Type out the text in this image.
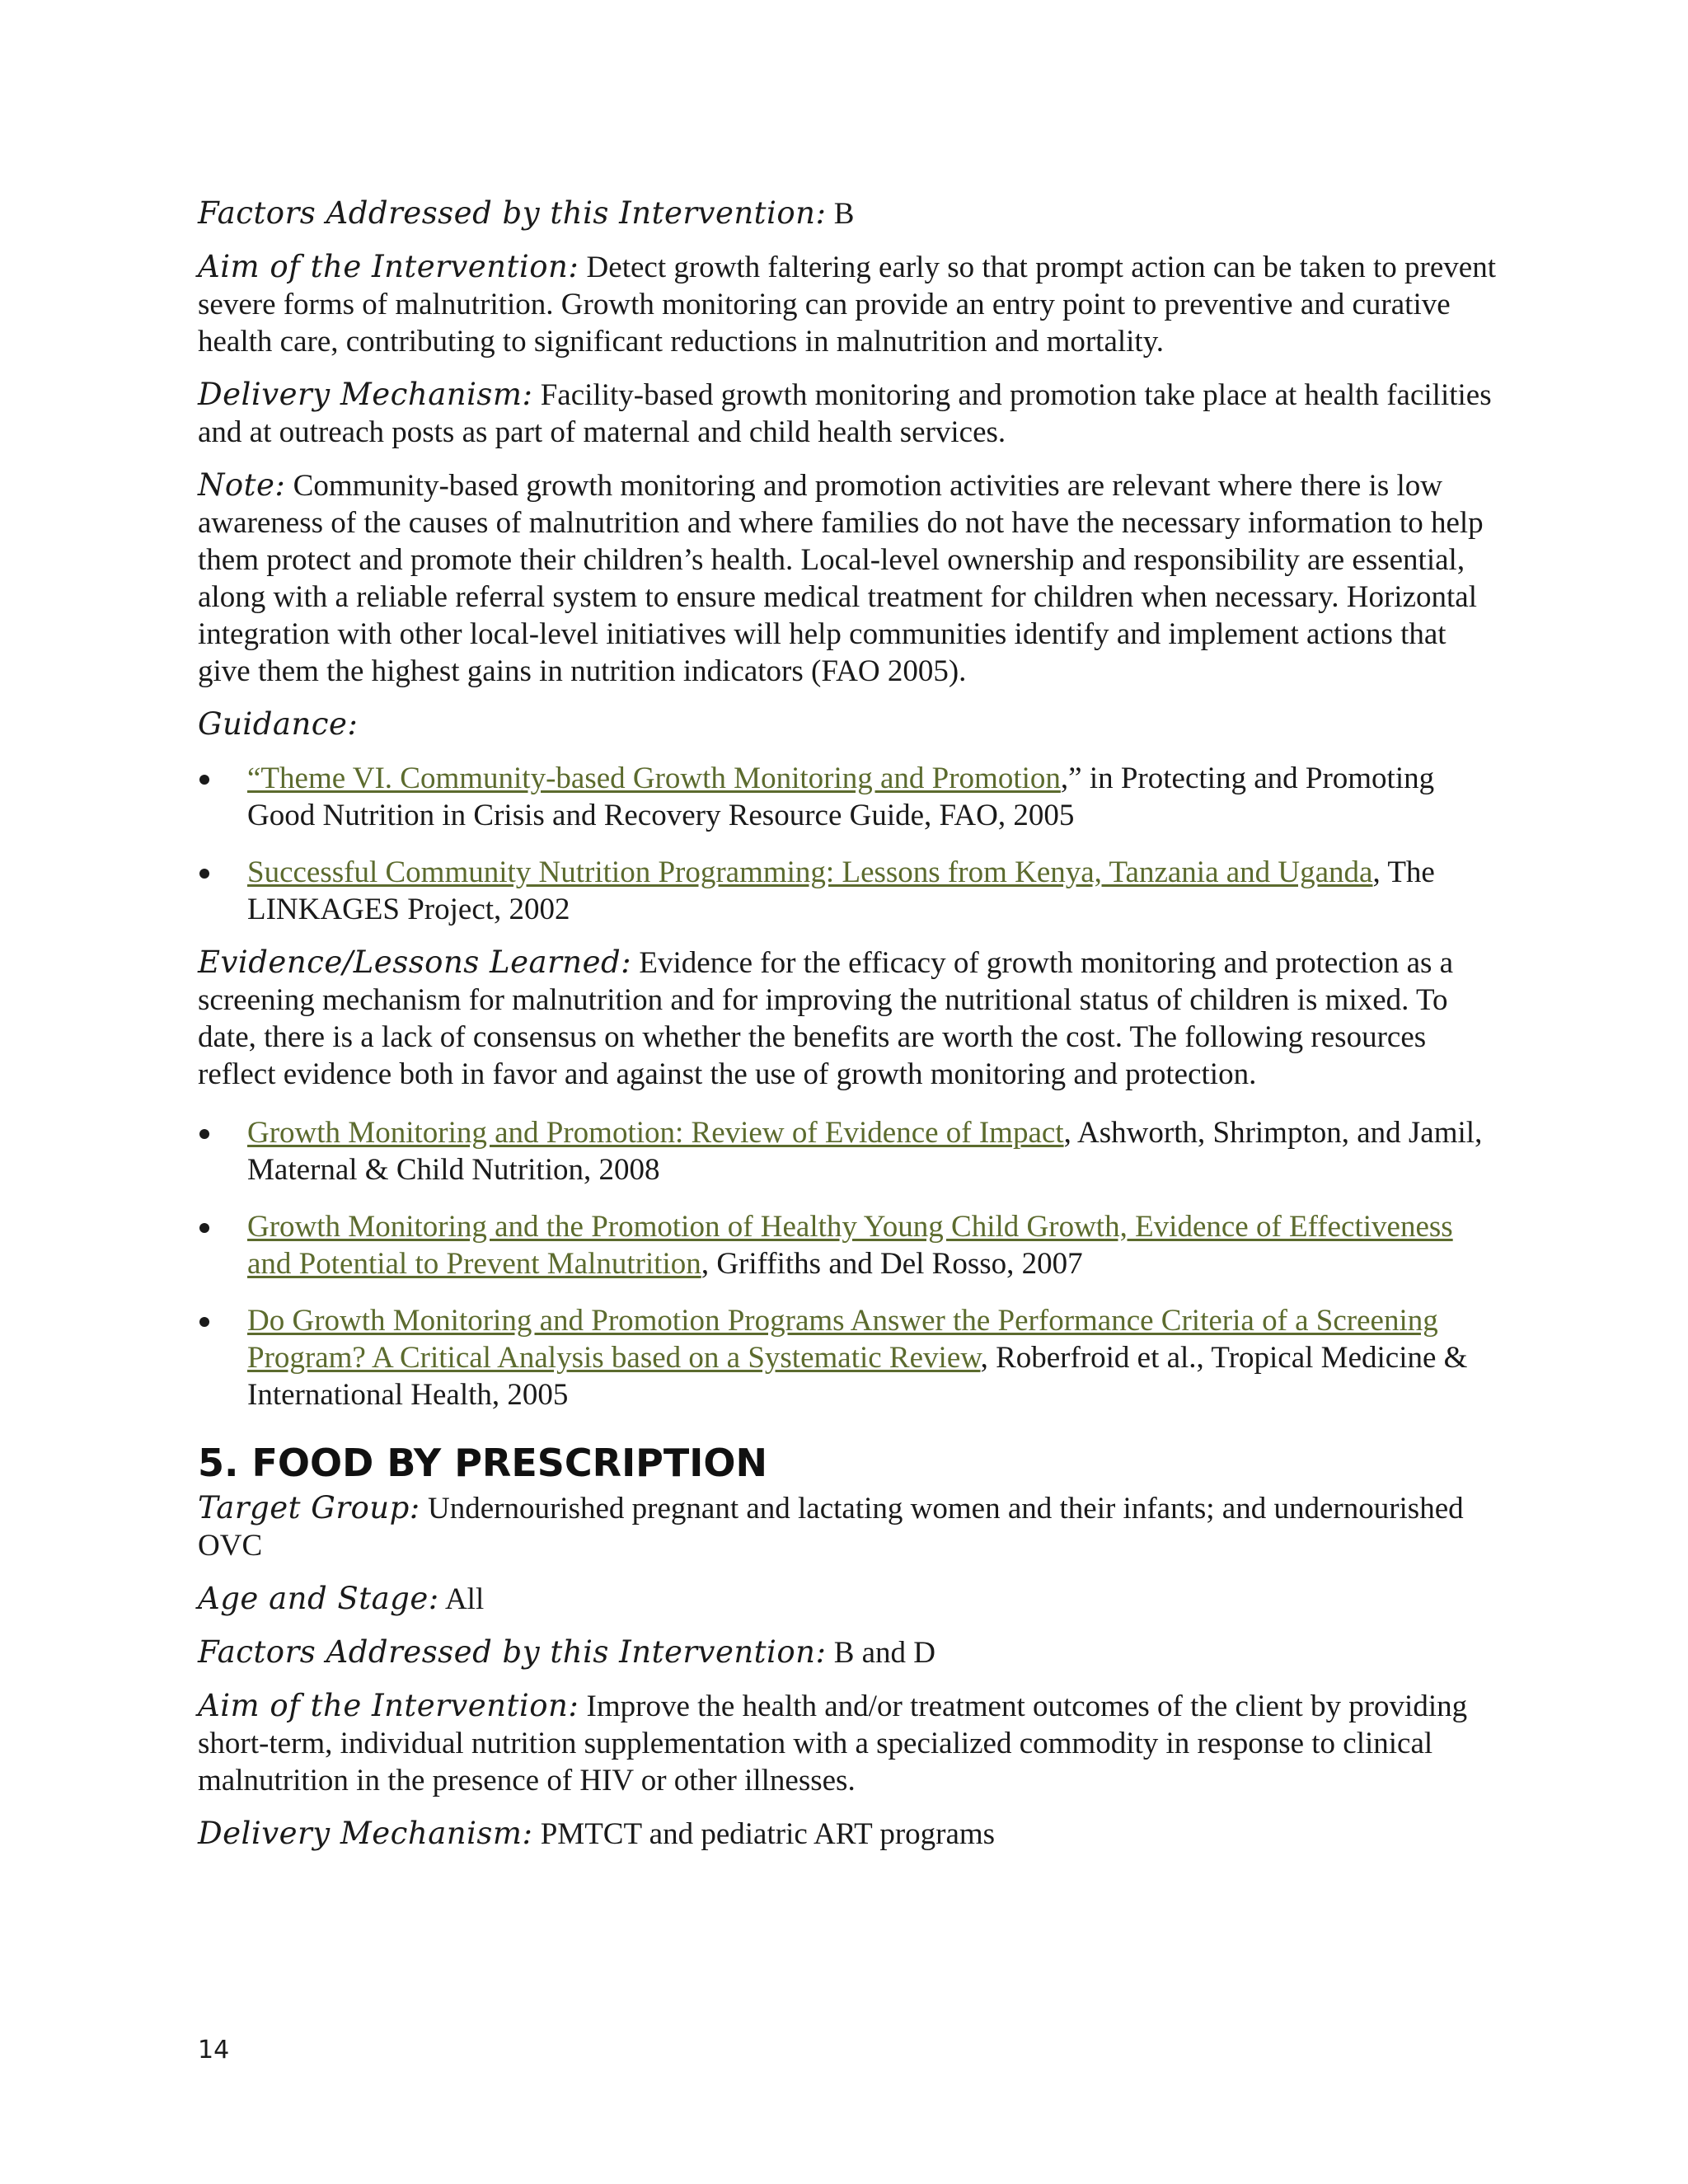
Factors Addressed by this Intervention: B

Aim of the Intervention: Detect growth faltering early so that prompt action can be taken to prevent severe forms of malnutrition. Growth monitoring can provide an entry point to preventive and curative health care, contributing to significant reductions in malnutrition and mortality.

Delivery Mechanism: Facility-based growth monitoring and promotion take place at health facilities and at outreach posts as part of maternal and child health services.

Note: Community-based growth monitoring and promotion activities are relevant where there is low awareness of the causes of malnutrition and where families do not have the necessary information to help them protect and promote their children’s health. Local-level ownership and responsibility are essential, along with a reliable referral system to ensure medical treatment for children when necessary. Horizontal integration with other local-level initiatives will help communities identify and implement actions that give them the highest gains in nutrition indicators (FAO 2005).

Guidance:

“Theme VI. Community-based Growth Monitoring and Promotion,” in Protecting and Promoting Good Nutrition in Crisis and Recovery Resource Guide, FAO, 2005
Successful Community Nutrition Programming: Lessons from Kenya, Tanzania and Uganda, The LINKAGES Project, 2002

Evidence/Lessons Learned: Evidence for the efficacy of growth monitoring and protection as a screening mechanism for malnutrition and for improving the nutritional status of children is mixed. To date, there is a lack of consensus on whether the benefits are worth the cost. The following resources reflect evidence both in favor and against the use of growth monitoring and protection.

Growth Monitoring and Promotion: Review of Evidence of Impact, Ashworth, Shrimpton, and Jamil, Maternal & Child Nutrition, 2008
Growth Monitoring and the Promotion of Healthy Young Child Growth, Evidence of Effectiveness and Potential to Prevent Malnutrition, Griffiths and Del Rosso, 2007
Do Growth Monitoring and Promotion Programs Answer the Performance Criteria of a Screening Program? A Critical Analysis based on a Systematic Review, Roberfroid et al., Tropical Medicine & International Health, 2005
5. FOOD BY PRESCRIPTION

Target Group: Undernourished pregnant and lactating women and their infants; and undernourished OVC

Age and Stage: All

Factors Addressed by this Intervention: B and D

Aim of the Intervention: Improve the health and/or treatment outcomes of the client by providing short-term, individual nutrition supplementation with a specialized commodity in response to clinical malnutrition in the presence of HIV or other illnesses.

Delivery Mechanism: PMTCT and pediatric ART programs

14
